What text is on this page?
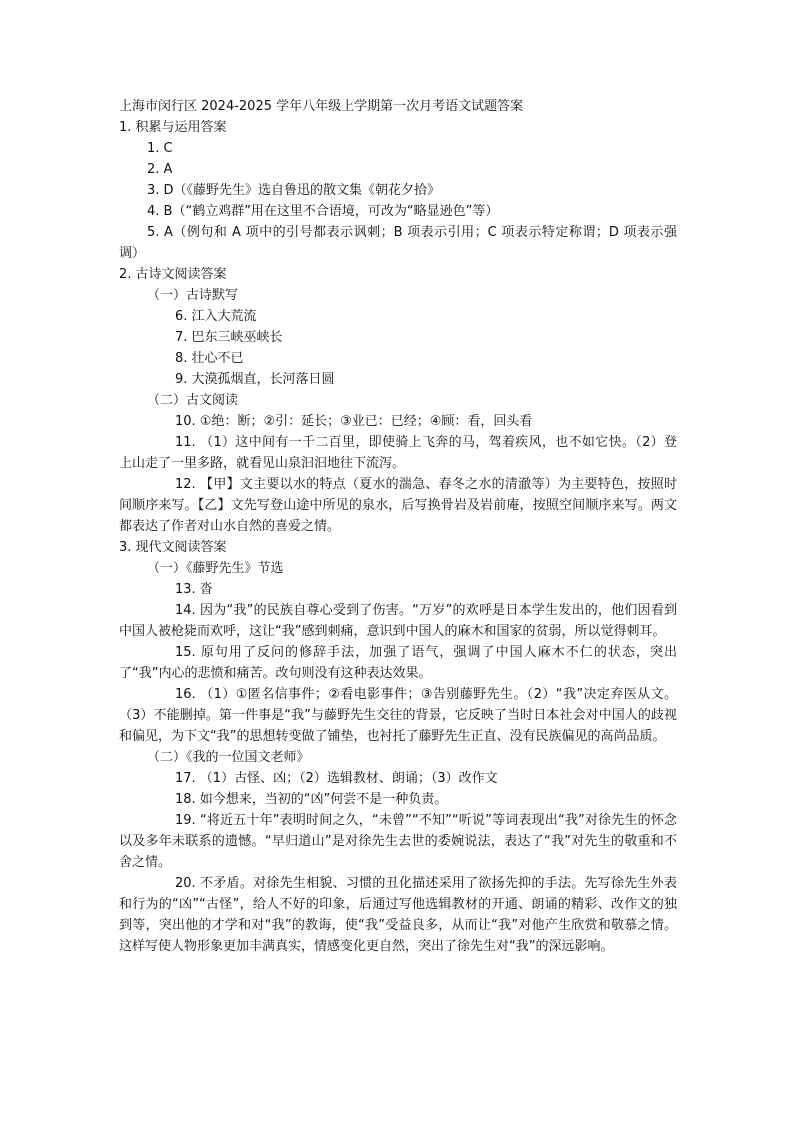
上海市闵行区 2024-2025 学年八年级上学期第一次月考语文试题答案

1. 积累与运用答案

1. C

2. A

3. D（《藤野先生》选自鲁迅的散文集《朝花夕拾》

4. B（“鹤立鸡群”用在这里不合语境，可改为“略显逊色”等）

5. A（例句和 A 项中的引号都表示讽刺；B 项表示引用；C 项表示特定称谓；D 项表示强调）

2. 古诗文阅读答案

（一）古诗默写

6. 江入大荒流

7. 巴东三峡巫峡长

8. 壮心不已

9. 大漠孤烟直，长河落日圆

（二）古文阅读

10. ①绝：断；②引：延长；③业已：已经；④顾：看，回头看

11. （1）这中间有一千二百里，即使骑上飞奔的马，驾着疾风，也不如它快。（2）登上山走了一里多路，就看见山泉汩汩地往下流泻。

12. 【甲】文主要以水的特点（夏水的湍急、春冬之水的清澈等）为主要特色，按照时间顺序来写。【乙】文先写登山途中所见的泉水，后写换骨岩及岩前庵，按照空间顺序来写。两文都表达了作者对山水自然的喜爱之情。

3. 现代文阅读答案

（一）《藤野先生》节选

13. 沓

14. 因为“我”的民族自尊心受到了伤害。“万岁”的欢呼是日本学生发出的，他们因看到中国人被枪毙而欢呼，这让“我”感到刺痛，意识到中国人的麻木和国家的贫弱，所以觉得刺耳。

15. 原句用了反问的修辞手法，加强了语气，强调了中国人麻木不仁的状态，突出了“我”内心的悲愤和痛苦。改句则没有这种表达效果。

16. （1）①匿名信事件；②看电影事件；③告别藤野先生。（2）“我”决定弃医从文。（3）不能删掉。第一件事是“我”与藤野先生交往的背景，它反映了当时日本社会对中国人的歧视和偏见，为下文“我”的思想转变做了铺垫，也衬托了藤野先生正直、没有民族偏见的高尚品质。

（二）《我的一位国文老师》

17. （1）古怪、凶；（2）选辑教材、朗诵；（3）改作文

18. 如今想来，当初的“凶”何尝不是一种负责。

19. “将近五十年”表明时间之久，“未曾”“不知”“听说”等词表现出“我”对徐先生的怀念以及多年未联系的遗憾。“早归道山”是对徐先生去世的委婉说法，表达了“我”对先生的敬重和不舍之情。

20. 不矛盾。对徐先生相貌、习惯的丑化描述采用了欲扬先抑的手法。先写徐先生外表和行为的“凶”“古怪”，给人不好的印象，后通过写他选辑教材的开通、朗诵的精彩、改作文的独到等，突出他的才学和对“我”的教诲，使“我”受益良多，从而让“我”对他产生欣赏和敬慕之情。这样写使人物形象更加丰满真实，情感变化更自然，突出了徐先生对“我”的深远影响。
